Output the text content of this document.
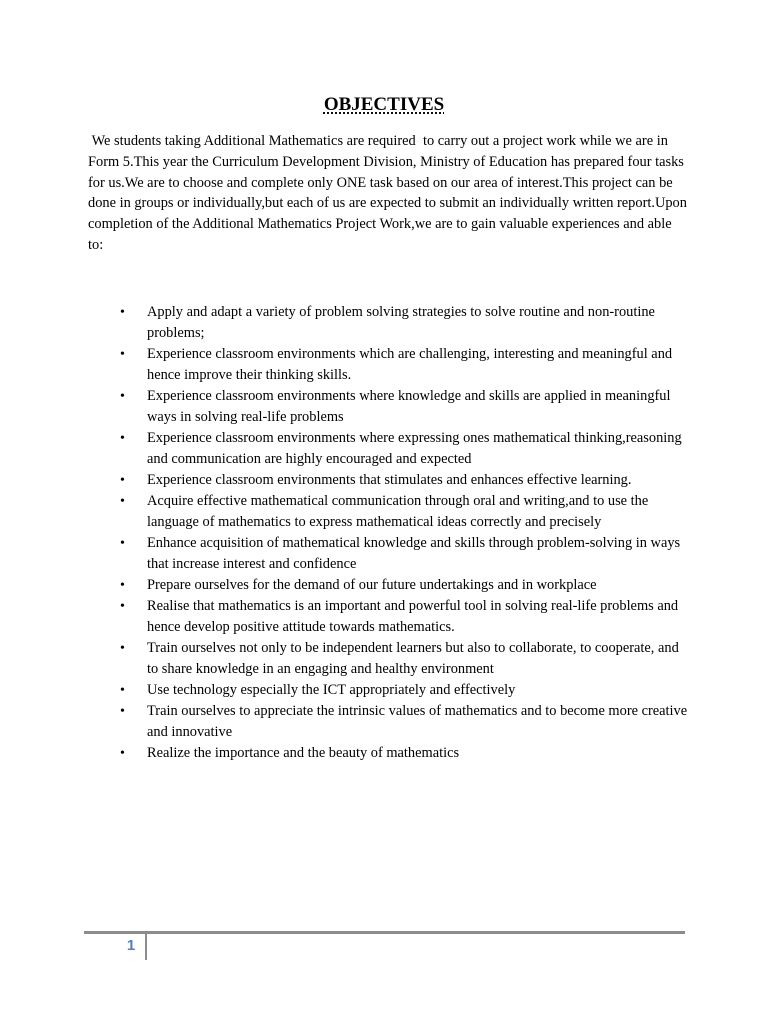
OBJECTIVES

We students taking Additional Mathematics are required  to carry out a project work while we are in Form 5.This year the Curriculum Development Division, Ministry of Education has prepared four tasks for us.We are to choose and complete only ONE task based on our area of interest.This project can be done in groups or individually,but each of us are expected to submit an individually written report.Upon completion of the Additional Mathematics Project Work,we are to gain valuable experiences and able to:

• Apply and adapt a variety of problem solving strategies to solve routine and non-routine problems;
• Experience classroom environments which are challenging, interesting and meaningful and hence improve their thinking skills.
• Experience classroom environments where knowledge and skills are applied in meaningful ways in solving real-life problems
• Experience classroom environments where expressing ones mathematical thinking,reasoning and communication are highly encouraged and expected
• Experience classroom environments that stimulates and enhances effective learning.
• Acquire effective mathematical communication through oral and writing,and to use the language of mathematics to express mathematical ideas correctly and precisely
• Enhance acquisition of mathematical knowledge and skills through problem-solving in ways that increase interest and confidence
• Prepare ourselves for the demand of our future undertakings and in workplace
• Realise that mathematics is an important and powerful tool in solving real-life problems and hence develop positive attitude towards mathematics.
• Train ourselves not only to be independent learners but also to collaborate, to cooperate, and to share knowledge in an engaging and healthy environment
• Use technology especially the ICT appropriately and effectively
• Train ourselves to appreciate the intrinsic values of mathematics and to become more creative and innovative
• Realize the importance and the beauty of mathematics
1
